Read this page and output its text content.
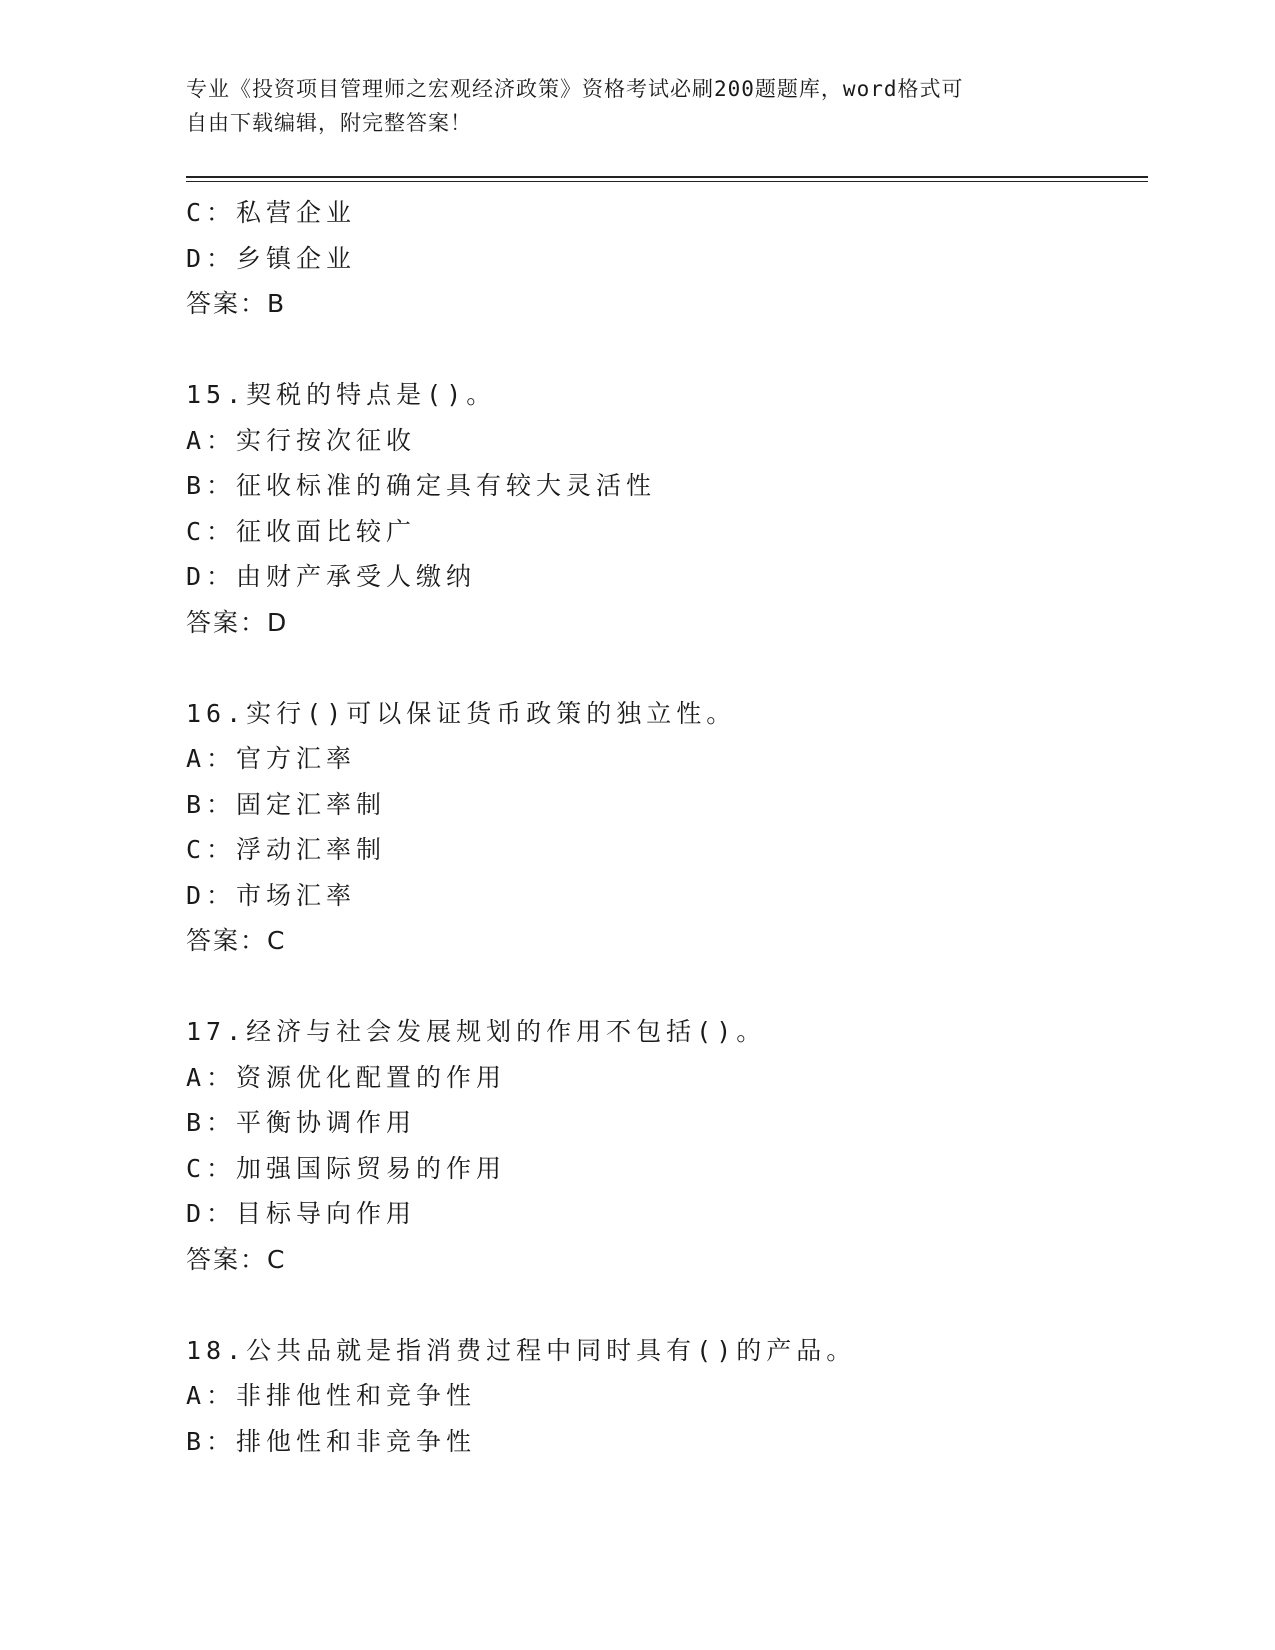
专业《投资项目管理师之宏观经济政策》资格考试必刷200题题库，word格式可
自由下载编辑，附完整答案！
C：私营企业
D：乡镇企业
答案：B
15.契税的特点是()。
A：实行按次征收
B：征收标准的确定具有较大灵活性
C：征收面比较广
D：由财产承受人缴纳
答案：D
16.实行()可以保证货币政策的独立性。
A：官方汇率
B：固定汇率制
C：浮动汇率制
D：市场汇率
答案：C
17.经济与社会发展规划的作用不包括()。
A：资源优化配置的作用
B：平衡协调作用
C：加强国际贸易的作用
D：目标导向作用
答案：C
18.公共品就是指消费过程中同时具有()的产品。
A：非排他性和竞争性
B：排他性和非竞争性
